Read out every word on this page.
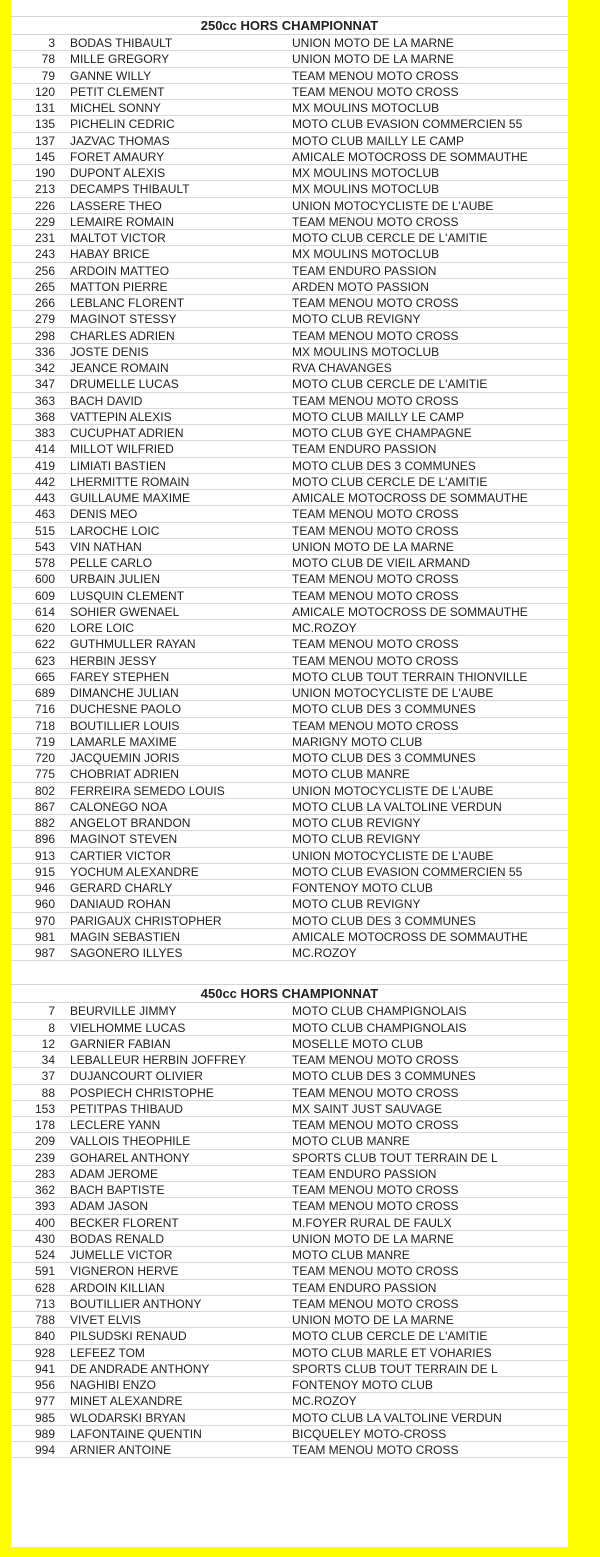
250cc HORS CHAMPIONNAT
3 BODAS THIBAULT	UNION MOTO DE LA MARNE
78 MILLE GREGORY	UNION MOTO DE LA MARNE
79 GANNE WILLY	TEAM MENOU MOTO CROSS
120 PETIT CLEMENT	TEAM MENOU MOTO CROSS
131 MICHEL SONNY	MX MOULINS MOTOCLUB
135 PICHELIN CEDRIC	MOTO CLUB EVASION COMMERCIEN 55
137 JAZVAC THOMAS	MOTO CLUB MAILLY LE CAMP
145 FORET AMAURY	AMICALE MOTOCROSS DE SOMMAUTHE
190 DUPONT ALEXIS	MX MOULINS MOTOCLUB
213 DECAMPS THIBAULT	MX MOULINS MOTOCLUB
226 LASSERE THEO	UNION MOTOCYCLISTE DE L'AUBE
229 LEMAIRE ROMAIN	TEAM MENOU MOTO CROSS
231 MALTOT VICTOR	MOTO CLUB CERCLE DE L'AMITIE
243 HABAY BRICE	MX MOULINS MOTOCLUB
256 ARDOIN MATTEO	TEAM ENDURO PASSION
265 MATTON PIERRE	ARDEN MOTO PASSION
266 LEBLANC FLORENT	TEAM MENOU MOTO CROSS
279 MAGINOT STESSY	MOTO CLUB REVIGNY
298 CHARLES ADRIEN	TEAM MENOU MOTO CROSS
336 JOSTE DENIS	MX MOULINS MOTOCLUB
342 JEANCE ROMAIN	RVA CHAVANGES
347 DRUMELLE LUCAS	MOTO CLUB CERCLE DE L'AMITIE
363 BACH DAVID	TEAM MENOU MOTO CROSS
368 VATTEPIN ALEXIS	MOTO CLUB MAILLY LE CAMP
383 CUCUPHAT ADRIEN	MOTO CLUB GYE CHAMPAGNE
414 MILLOT WILFRIED	TEAM ENDURO PASSION
419 LIMIATI BASTIEN	MOTO CLUB DES 3 COMMUNES
442 LHERMITTE ROMAIN	MOTO CLUB CERCLE DE L'AMITIE
443 GUILLAUME MAXIME	AMICALE MOTOCROSS DE SOMMAUTHE
463 DENIS MEO	TEAM MENOU MOTO CROSS
515 LAROCHE LOIC	TEAM MENOU MOTO CROSS
543 VIN NATHAN	UNION MOTO DE LA MARNE
578 PELLE CARLO	MOTO CLUB DE VIEIL ARMAND
600 URBAIN JULIEN	TEAM MENOU MOTO CROSS
609 LUSQUIN CLEMENT	TEAM MENOU MOTO CROSS
614 SOHIER GWENAEL	AMICALE MOTOCROSS DE SOMMAUTHE
620 LORE LOIC	MC.ROZOY
622 GUTHMULLER RAYAN	TEAM MENOU MOTO CROSS
623 HERBIN JESSY	TEAM MENOU MOTO CROSS
665 FAREY STEPHEN	MOTO CLUB TOUT TERRAIN THIONVILLE
689 DIMANCHE JULIAN	UNION MOTOCYCLISTE DE L'AUBE
716 DUCHESNE PAOLO	MOTO CLUB DES 3 COMMUNES
718 BOUTILLIER LOUIS	TEAM MENOU MOTO CROSS
719 LAMARLE MAXIME	MARIGNY MOTO CLUB
720 JACQUEMIN JORIS	MOTO CLUB DES 3 COMMUNES
775 CHOBRIAT ADRIEN	MOTO CLUB MANRE
802 FERREIRA SEMEDO LOUIS	UNION MOTOCYCLISTE DE L'AUBE
867 CALONEGO NOA	MOTO CLUB LA VALTOLINE VERDUN
882 ANGELOT BRANDON	MOTO CLUB REVIGNY
896 MAGINOT STEVEN	MOTO CLUB REVIGNY
913 CARTIER VICTOR	UNION MOTOCYCLISTE DE L'AUBE
915 YOCHUM ALEXANDRE	MOTO CLUB EVASION COMMERCIEN 55
946 GERARD CHARLY	FONTENOY MOTO CLUB
960 DANIAUD ROHAN	MOTO CLUB REVIGNY
970 PARIGAUX CHRISTOPHER	MOTO CLUB DES 3 COMMUNES
981 MAGIN SEBASTIEN	AMICALE MOTOCROSS DE SOMMAUTHE
987 SAGONERO ILLYES	MC.ROZOY
450cc HORS CHAMPIONNAT
7 BEURVILLE JIMMY	MOTO CLUB CHAMPIGNOLAIS
8 VIELHOMME LUCAS	MOTO CLUB CHAMPIGNOLAIS
12 GARNIER FABIAN	MOSELLE MOTO CLUB
34 LEBALLEUR HERBIN JOFFREY	TEAM MENOU MOTO CROSS
37 DUJANCOURT OLIVIER	MOTO CLUB DES 3 COMMUNES
88 POSPIECH CHRISTOPHE	TEAM MENOU MOTO CROSS
153 PETITPAS THIBAUD	MX SAINT JUST SAUVAGE
178 LECLERE YANN	TEAM MENOU MOTO CROSS
209 VALLOIS THEOPHILE	MOTO CLUB MANRE
239 GOHAREL ANTHONY	SPORTS CLUB TOUT TERRAIN DE L
283 ADAM JEROME	TEAM ENDURO PASSION
362 BACH BAPTISTE	TEAM MENOU MOTO CROSS
393 ADAM JASON	TEAM MENOU MOTO CROSS
400 BECKER FLORENT	M.FOYER RURAL DE FAULX
430 BODAS RENALD	UNION MOTO DE LA MARNE
524 JUMELLE VICTOR	MOTO CLUB MANRE
591 VIGNERON HERVE	TEAM MENOU MOTO CROSS
628 ARDOIN KILLIAN	TEAM ENDURO PASSION
713 BOUTILLIER ANTHONY	TEAM MENOU MOTO CROSS
788 VIVET ELVIS	UNION MOTO DE LA MARNE
840 PILSUDSKI RENAUD	MOTO CLUB CERCLE DE L'AMITIE
928 LEFEEZ TOM	MOTO CLUB MARLE ET VOHARIES
941 DE ANDRADE ANTHONY	SPORTS CLUB TOUT TERRAIN DE L
956 NAGHIBI ENZO	FONTENOY MOTO CLUB
977 MINET ALEXANDRE	MC.ROZOY
985 WLODARSKI BRYAN	MOTO CLUB LA VALTOLINE VERDUN
989 LAFONTAINE QUENTIN	BICQUELEY MOTO-CROSS
994 ARNIER ANTOINE	TEAM MENOU MOTO CROSS
